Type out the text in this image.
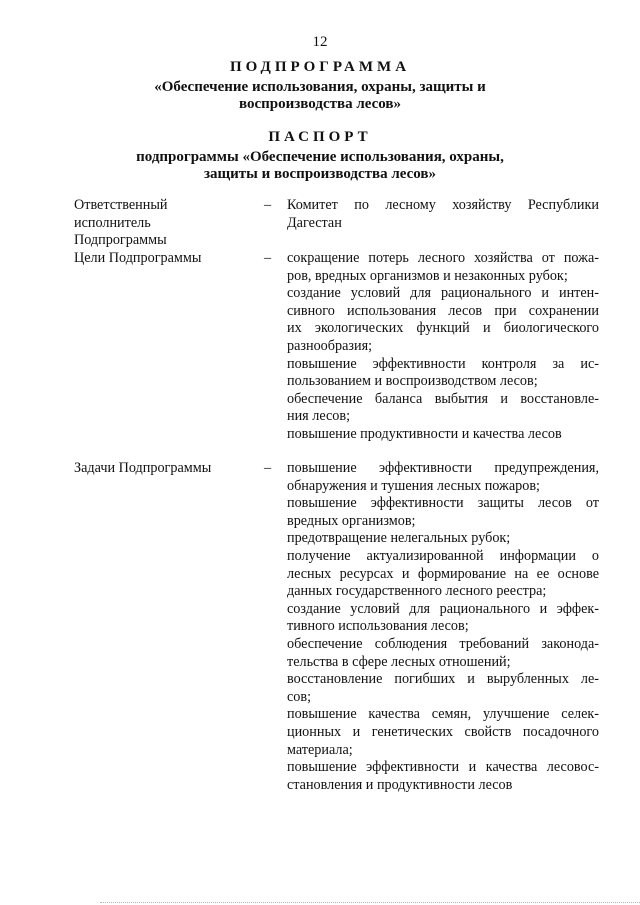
12
ПОДПРОГРАММА
«Обеспечение использования, охраны, защиты и
воспроизводства лесов»
ПАСПОРТ
подпрограммы «Обеспечение использования, охраны,
защиты и воспроизводства лесов»
Ответственный исполнитель Подпрограммы
– Комитет по лесному хозяйству Республики
Дагестан
Цели Подпрограммы	– сокращение потерь лесного хозяйства от пожа-
ров, вредных организмов и незаконных рубок;
создание условий для рационального и интен-
сивного использования лесов при сохранении
их экологических функций и биологического
разнообразия;
повышение эффективности контроля за ис-
пользованием и воспроизводством лесов;
обеспечение баланса выбытия и восстановле-
ния лесов;
повышение продуктивности и качества лесов
Задачи Подпрограммы	– повышение эффективности предупреждения,
обнаружения и тушения лесных пожаров;
повышение эффективности защиты лесов от
вредных организмов;
предотвращение нелегальных рубок;
получение актуализированной информации о
лесных ресурсах и формирование на ее основе
данных государственного лесного реестра;
создание условий для рационального и эффек-
тивного использования лесов;
обеспечение соблюдения требований законода-
тельства в сфере лесных отношений;
восстановление погибших и вырубленных ле-
сов;
повышение качества семян, улучшение селек-
ционных и генетических свойств посадочного
материала;
повышение эффективности и качества лесовос-
становления и продуктивности лесов
